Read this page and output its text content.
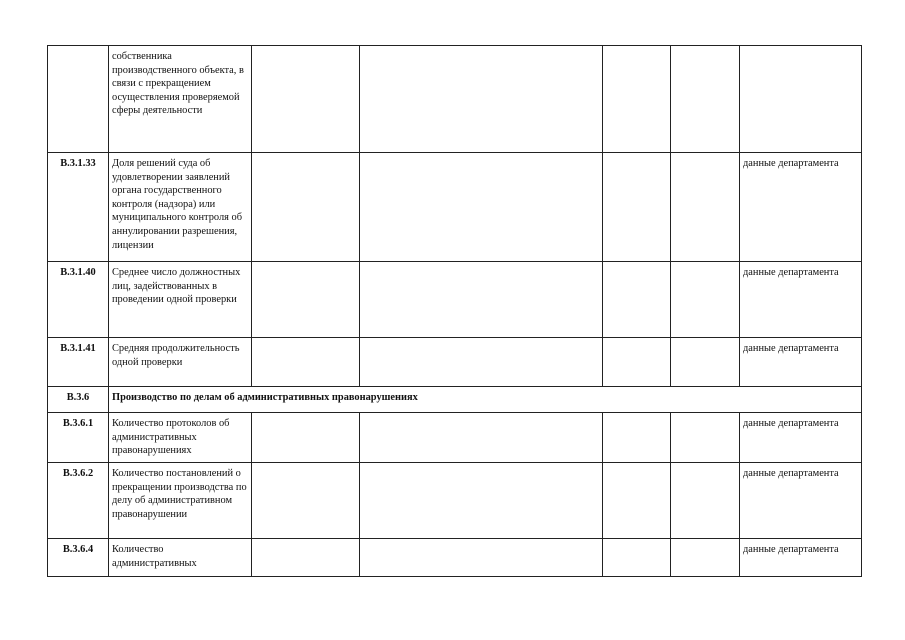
	собственника производственного объекта, в связи с прекращением осуществления проверяемой сферы деятельности					
В.3.1.33	Доля решений суда об удовлетворении заявлений органа государственного контроля (надзора) или муниципального контроля об аннулировании разрешения, лицензии					данные департамента
В.3.1.40	Среднее число должностных лиц, задействованных в проведении одной проверки					данные департамента
В.3.1.41	Средняя продолжительность одной проверки					данные департамента
В.3.6	Производство по делам об административных правонарушениях					
В.3.6.1	Количество протоколов об административных правонарушениях					данные департамента
В.3.6.2	Количество постановлений о прекращении производства по делу об административном правонарушении					данные департамента
В.3.6.4	Количество административных					данные департамента
